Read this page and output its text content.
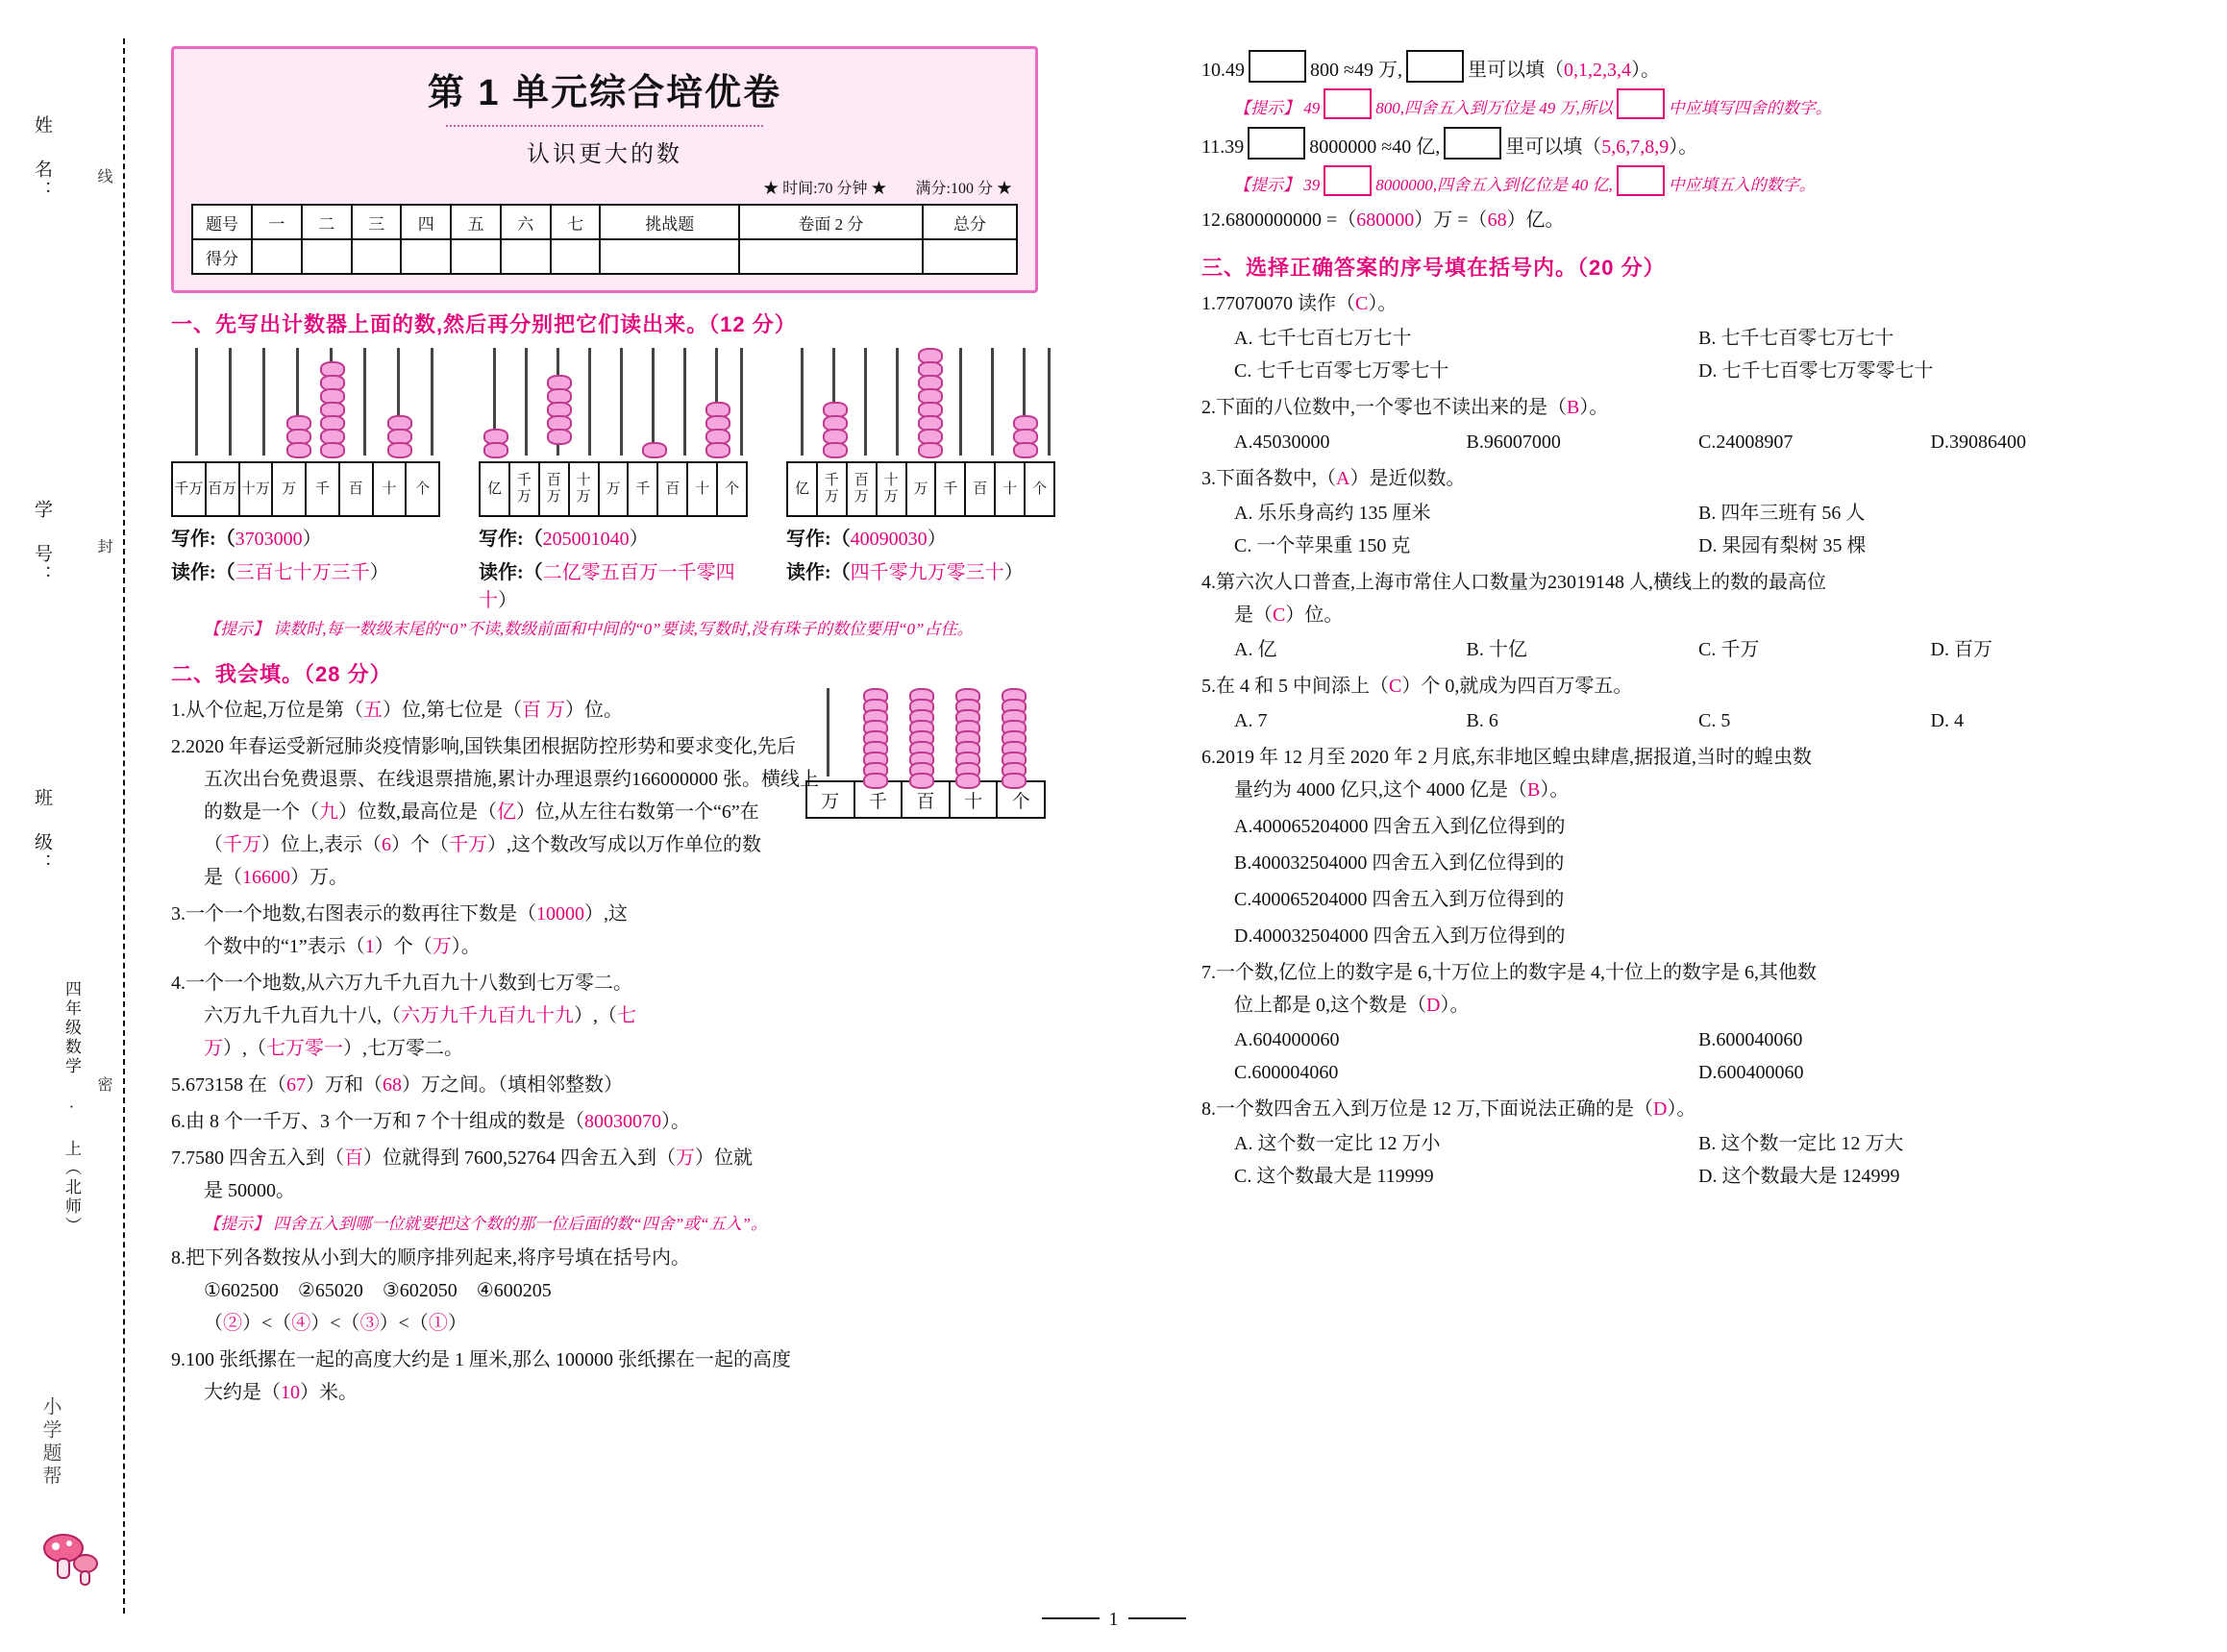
姓 名：
学 号：
班 级：
四年级数学 · 上（北师）
线
封
密
小学题帮
第 1 单元综合培优卷
认识更大的数
★ 时间:70 分钟 ★ 满分:100 分 ★
题号	一	二	三	四	五	六	七	挑战题	卷面 2 分	总分
得分										
一、先写出计数器上面的数,然后再分别把它们读出来。（12 分）
千万 百万 十万 万	千	百	十	个
写作:（3703000）
读作:（三百七十万三千）
亿
千万
百万
十万
万	千	百	十	个
写作:（205001040）
读作:（二亿零五百万一千零四十）
亿
千万
百万
十万
万	千	百	十	个
写作:（40090030）
读作:（四千零九万零三十）
【提示】 读数时,每一数级末尾的“0”不读,数级前面和中间的“0”要读,写数时,没有珠子的数位要用“0”占住。
二、我会填。（28 分）
1.从个位起,万位是第（五）位,第七位是（百 万）位。
2.2020 年春运受新冠肺炎疫情影响,国铁集团根据防控形势和要求变化,先后
五次出台免费退票、在线退票措施,累计办理退票约166000000 张。横线上
的数是一个（九）位数,最高位是（亿）位,从左往右数第一个“6”在
（千万）位上,表示（6）个（千万）,这个数改写成以万作单位的数
是（16600）万。
3.一个一个地数,右图表示的数再往下数是（10000）,这
个数中的“1”表示（1）个（万）。
4.一个一个地数,从六万九千九百九十八数到七万零二。
六万九千九百九十八,（六万九千九百九十九）,（七
万）,（七万零一）,七万零二。
5.673158 在（67）万和（68）万之间。（填相邻整数）
6.由 8 个一千万、3 个一万和 7 个十组成的数是（80030070）。
7.7580 四舍五入到（百）位就得到 7600,52764 四舍五入到（万）位就
是 50000。
【提示】 四舍五入到哪一位就要把这个数的那一位后面的数“四舍”或“五入”。
8.把下列各数按从小到大的顺序排列起来,将序号填在括号内。
①602500　②65020　③602050　④600205
（②）<（④）<（③）<（①）
9.100 张纸摞在一起的高度大约是 1 厘米,那么 100000 张纸摞在一起的高度
大约是（10）米。
万	千	百	十	个
10.49	800 ≈49 万,	里可以填（0,1,2,3,4）。
【提示】 49	800,四舍五入到万位是 49 万,所以	中应填写四舍的数字。
11.39	8000000 ≈40 亿,	里可以填（5,6,7,8,9）。
【提示】 39	8000000,四舍五入到亿位是 40 亿,	中应填五入的数字。
12.6800000000 =（680000）万 =（68）亿。
三、选择正确答案的序号填在括号内。（20 分）
1.77070070 读作（C）。
A. 七千七百七万七十	B. 七千七百零七万七十
C. 七千七百零七万零七十	D. 七千七百零七万零零七十
2.下面的八位数中,一个零也不读出来的是（B）。
A.45030000	B.96007000	C.24008907	D.39086400
3.下面各数中,（A）是近似数。
A. 乐乐身高约 135 厘米	B. 四年三班有 56 人
C. 一个苹果重 150 克	D. 果园有梨树 35 棵
4.第六次人口普查,上海市常住人口数量为23019148 人,横线上的数的最高位
是（C）位。
A. 亿	B. 十亿	C. 千万	D. 百万
5.在 4 和 5 中间添上（C）个 0,就成为四百万零五。
A. 7	B. 6	C. 5	D. 4
6.2019 年 12 月至 2020 年 2 月底,东非地区蝗虫肆虐,据报道,当时的蝗虫数
量约为 4000 亿只,这个 4000 亿是（B）。
A.400065204000 四舍五入到亿位得到的
B.400032504000 四舍五入到亿位得到的
C.400065204000 四舍五入到万位得到的
D.400032504000 四舍五入到万位得到的
7.一个数,亿位上的数字是 6,十万位上的数字是 4,十位上的数字是 6,其他数
位上都是 0,这个数是（D）。
A.604000060	B.600040060
C.600004060	D.600400060
8.一个数四舍五入到万位是 12 万,下面说法正确的是（D）。
A. 这个数一定比 12 万小	B. 这个数一定比 12 万大
C. 这个数最大是 119999	D. 这个数最大是 124999
1
